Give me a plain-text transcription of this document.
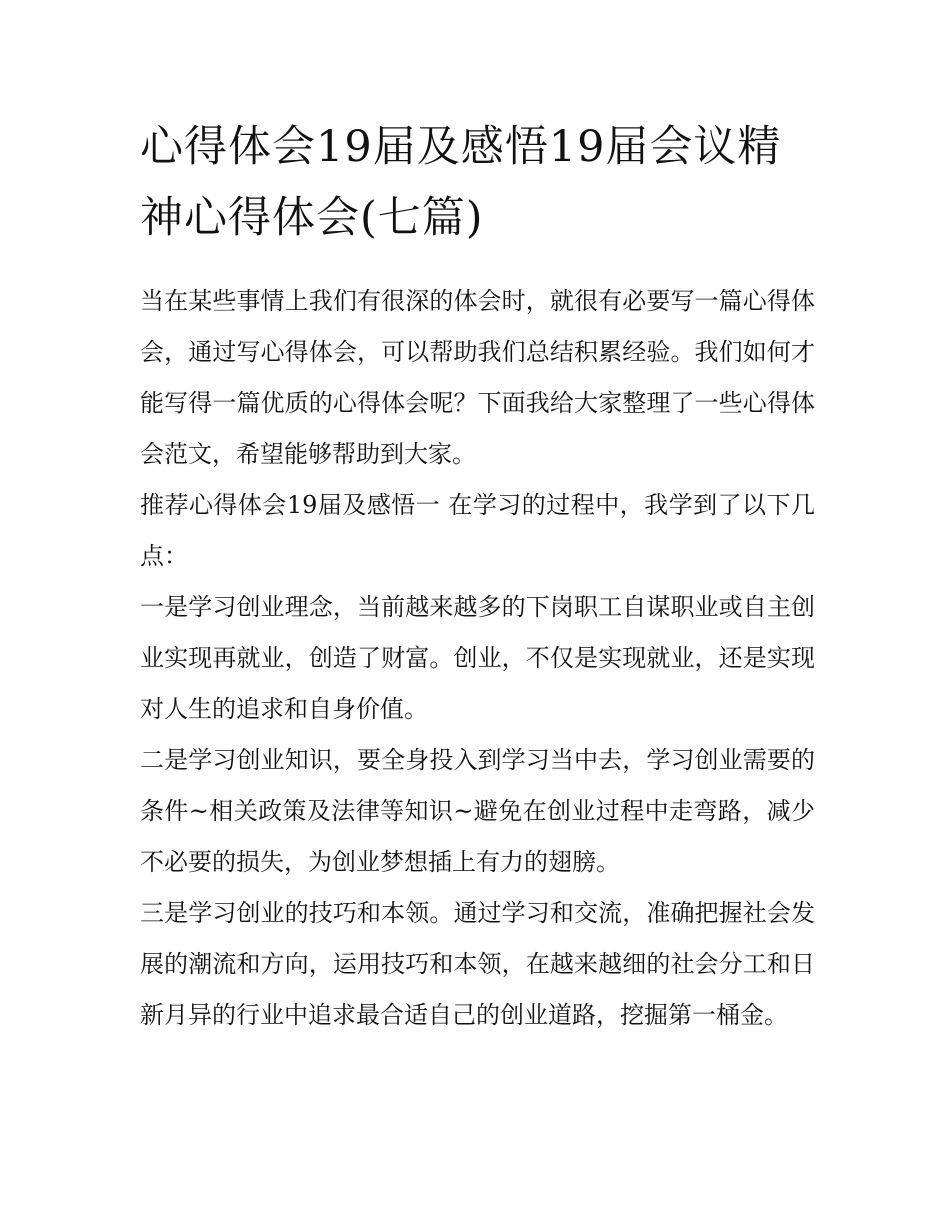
心得体会19届及感悟19届会议精神心得体会(七篇)

当在某些事情上我们有很深的体会时，就很有必要写一篇心得体会，通过写心得体会，可以帮助我们总结积累经验。我们如何才能写得一篇优质的心得体会呢？下面我给大家整理了一些心得体会范文，希望能够帮助到大家。

推荐心得体会19届及感悟一 在学习的过程中，我学到了以下几点：

一是学习创业理念，当前越来越多的下岗职工自谋职业或自主创业实现再就业，创造了财富。创业，不仅是实现就业，还是实现对人生的追求和自身价值。

二是学习创业知识，要全身投入到学习当中去，学习创业需要的条件~相关政策及法律等知识~避免在创业过程中走弯路，减少不必要的损失，为创业梦想插上有力的翅膀。

三是学习创业的技巧和本领。通过学习和交流，准确把握社会发展的潮流和方向，运用技巧和本领，在越来越细的社会分工和日新月异的行业中追求最合适自己的创业道路，挖掘第一桶金。
